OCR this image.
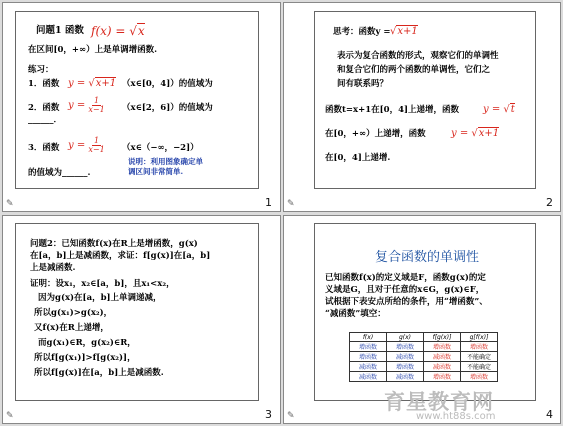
问题1 函数 f(x) = √x
在区间[0，+∞）上是单调增函数.
练习：
1．函数 y = √x+1 （x∈[0，4]）的值域为
2．函数 $y = \frac{1}{x-1}$ （x∈[2，6]）的值域为
______．
3．函数 $y = \frac{1}{x-1}$ （x∈（−∞，−2]）
说明：利用图象确定单
调区间非常简单.
的值域为______.
✎	1
思考：函数y = √x+1
表示为复合函数的形式，观察它们的单调性
和复合它们的两个函数的单调性，它们之
间有联系吗？
函数t=x+1在[0，4]上递增，函数 y = √t
在[0，+∞）上递增，函数	y = √x+1
在[0，4]上递增.
✎	2
问题2：已知函数f(x)在R上是增函数，g(x)
在[a，b]上是减函数，求证：f[g(x)]在[a，b]
上是减函数.
证明：设x₁，x₂∈[a，b]，且x₁<x₂，
因为g(x)在[a，b]上单调递减，
所以g(x₁)>g(x₂)，
又f(x)在R上递增，
而g(x₁)∈R，g(x₂)∈R，
所以f[g(x₁)]>f[g(x₂)]，
所以f[g(x)]在[a，b]上是减函数.
✎	3
复合函数的单调性
已知函数f(x)的定义域是F，函数g(x)的定
义域是G，且对于任意的x∈G，g(x)∈F，
试根据下表安点所给的条件，用“增函数”、
“减函数”填空：
f(x)	g(x)	f[g(x)]	g[f(x)]
增函数	增函数	增函数	增函数
增函数	减函数	减函数	不能确定
减函数	增函数	减函数	不能确定
减函数	减函数	增函数	增函数
育星教育网
www.ht88s.com
✎	4
